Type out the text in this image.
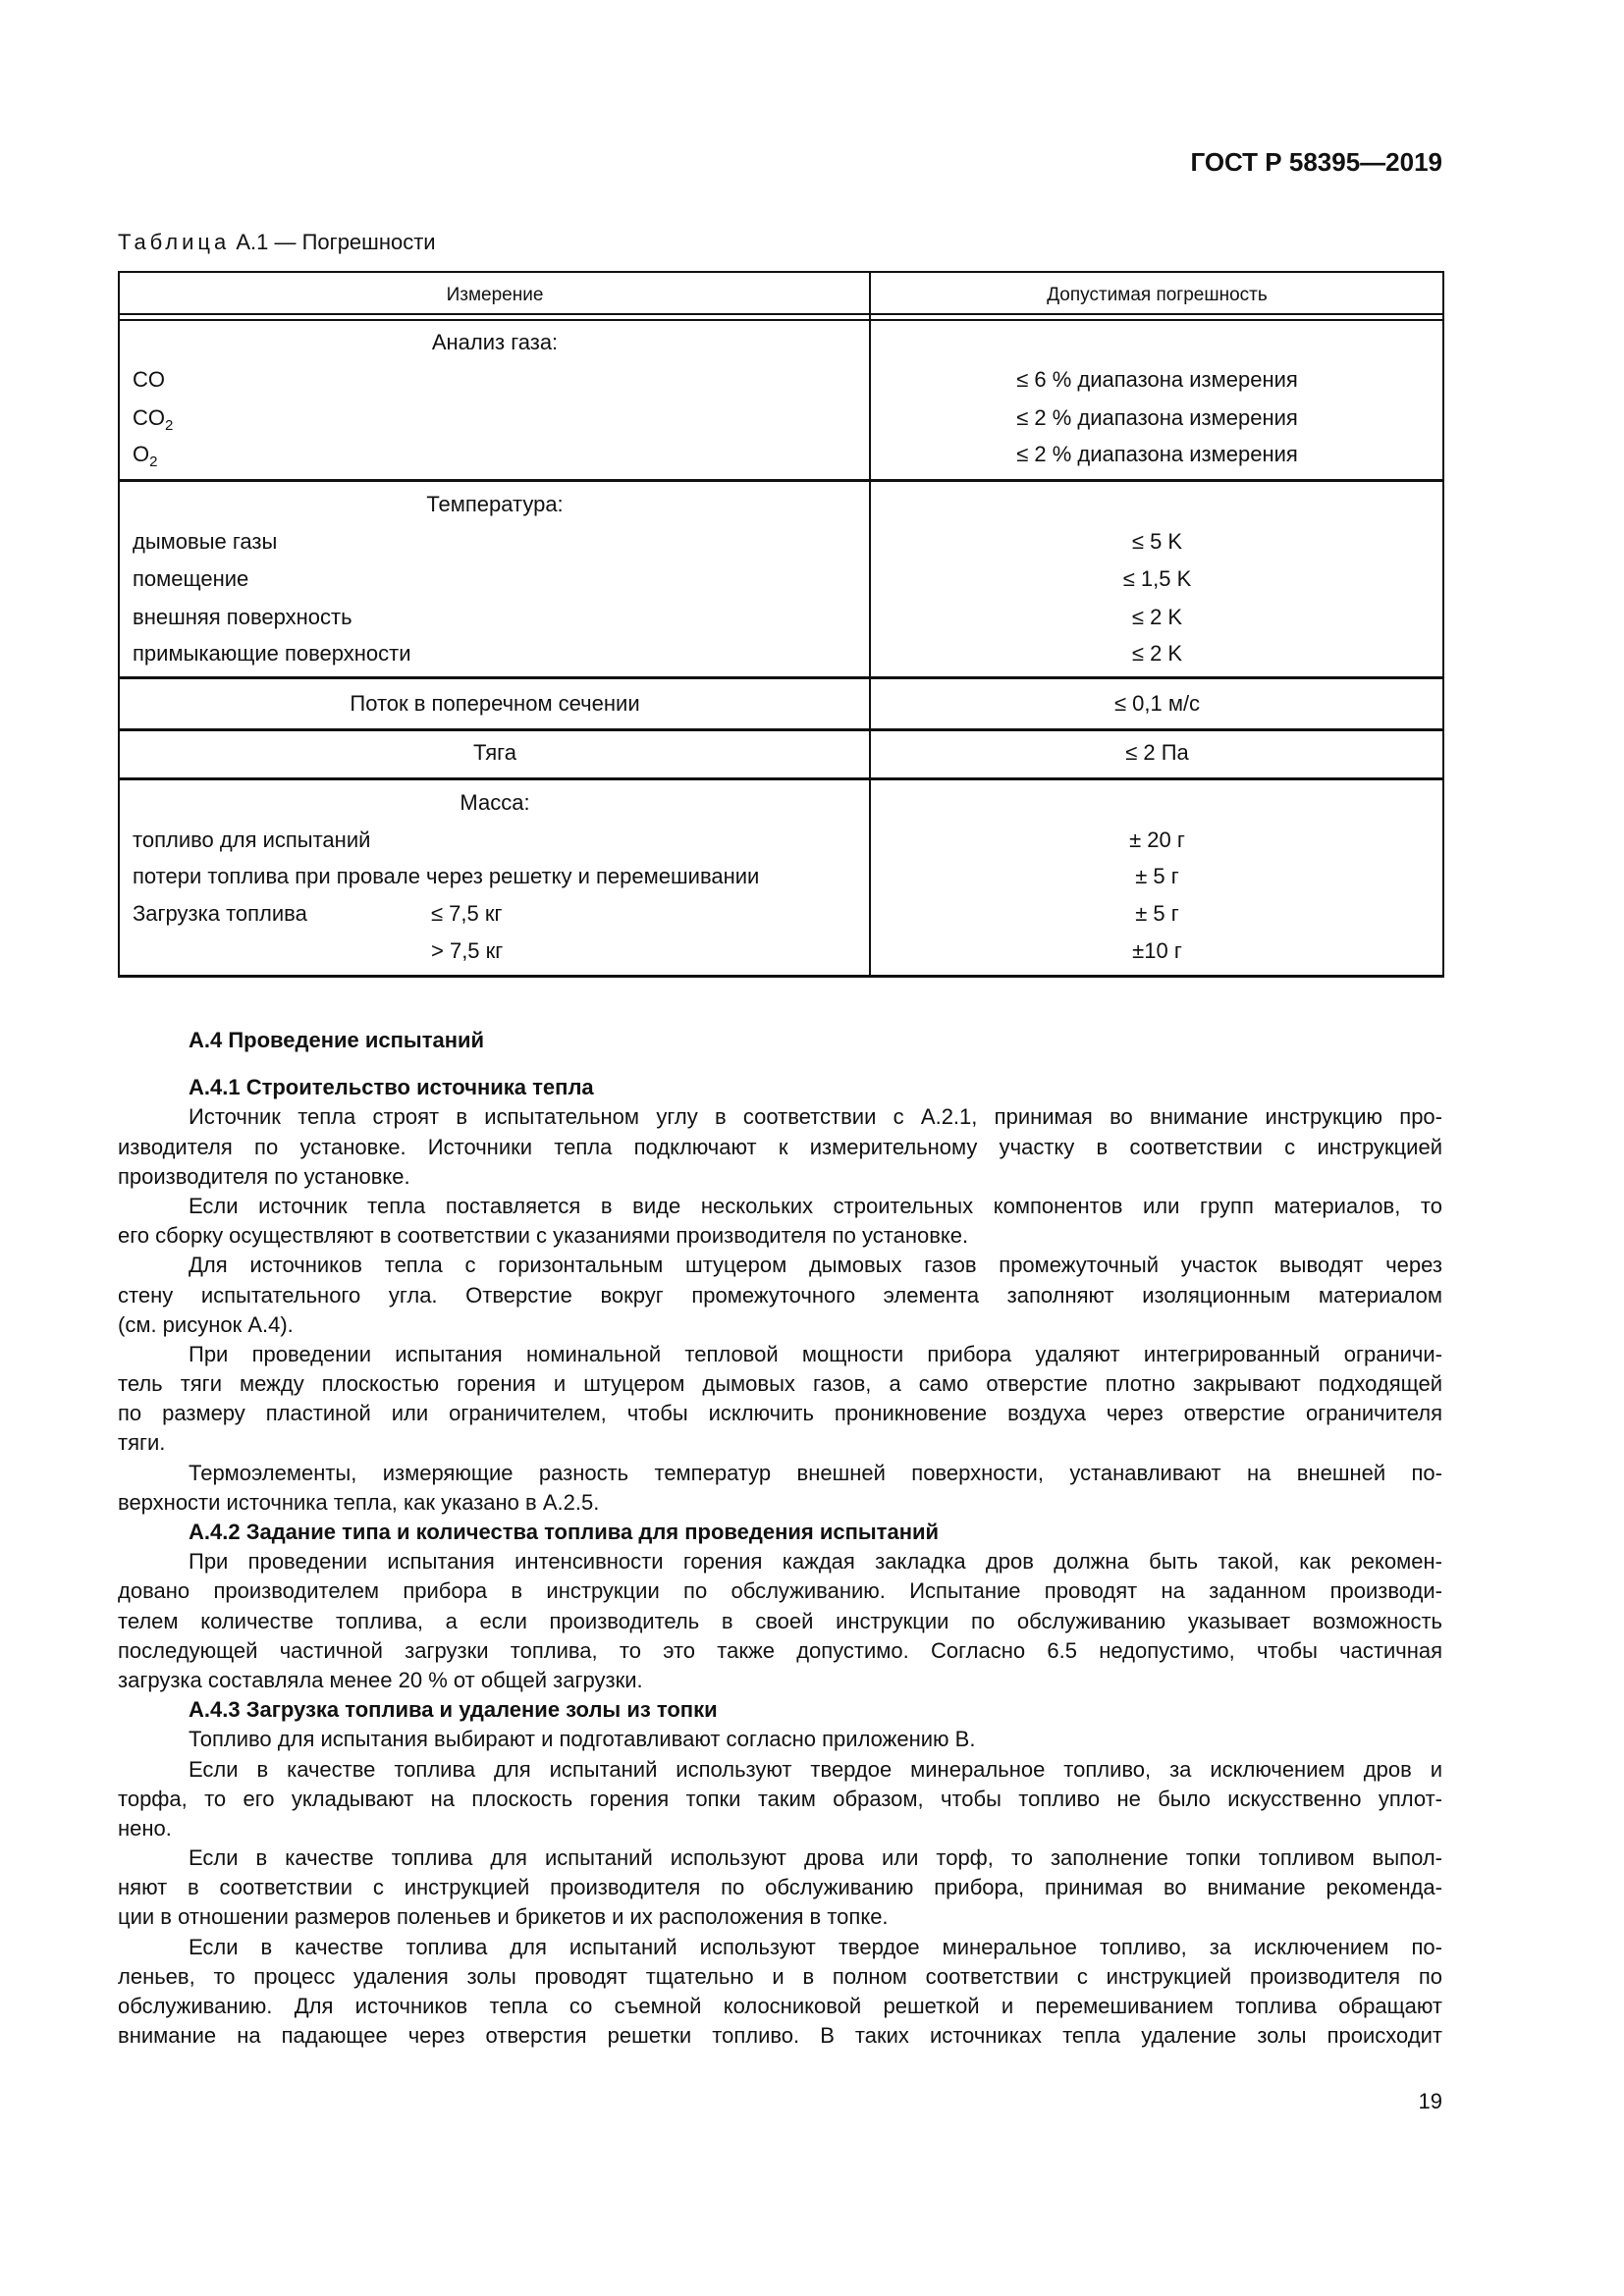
ГОСТ Р 58395—2019
Таблица А.1 — Погрешности
Измерение	Допустимая погрешность
Анализ газа:
CO	≤ 6 % диапазона измерения
$CO_2$	≤ 2 % диапазона измерения
$O_2$	≤ 2 % диапазона измерения
Температура:
дымовые газы	≤ 5 K
помещение	≤ 1,5 K
внешняя поверхность	≤ 2 K
примыкающие поверхности	≤ 2 K
Поток в поперечном сечении	≤ 0,1 м/с
Тяга	≤ 2 Па
Масса:
топливо для испытаний	± 20 г
потери топлива при провале через решетку и перемешивании	± 5 г
Загрузка топлива	≤ 7,5 кг	± 5 г
> 7,5 кг	±10 г
А.4 Проведение испытаний
А.4.1 Строительство источника тепла
Источник тепла строят в испытательном углу в соответствии с А.2.1, принимая во внимание инструкцию про-
изводителя по установке. Источники тепла подключают к измерительному участку в соответствии с инструкцией
производителя по установке.
Если источник тепла поставляется в виде нескольких строительных компонентов или групп материалов, то
его сборку осуществляют в соответствии с указаниями производителя по установке.
Для источников тепла с горизонтальным штуцером дымовых газов промежуточный участок выводят через
стену испытательного угла. Отверстие вокруг промежуточного элемента заполняют изоляционным материалом
(см. рисунок А.4).
При проведении испытания номинальной тепловой мощности прибора удаляют интегрированный ограничи-
тель тяги между плоскостью горения и штуцером дымовых газов, а само отверстие плотно закрывают подходящей
по размеру пластиной или ограничителем, чтобы исключить проникновение воздуха через отверстие ограничителя
тяги.
Термоэлементы, измеряющие разность температур внешней поверхности, устанавливают на внешней по-
верхности источника тепла, как указано в А.2.5.
А.4.2 Задание типа и количества топлива для проведения испытаний
При проведении испытания интенсивности горения каждая закладка дров должна быть такой, как рекомен-
довано производителем прибора в инструкции по обслуживанию. Испытание проводят на заданном производи-
телем количестве топлива, а если производитель в своей инструкции по обслуживанию указывает возможность
последующей частичной загрузки топлива, то это также допустимо. Согласно 6.5 недопустимо, чтобы частичная
загрузка составляла менее 20 % от общей загрузки.
А.4.3 Загрузка топлива и удаление золы из топки
Топливо для испытания выбирают и подготавливают согласно приложению В.
Если в качестве топлива для испытаний используют твердое минеральное топливо, за исключением дров и
торфа, то его укладывают на плоскость горения топки таким образом, чтобы топливо не было искусственно уплот-
нено.
Если в качестве топлива для испытаний используют дрова или торф, то заполнение топки топливом выпол-
няют в соответствии с инструкцией производителя по обслуживанию прибора, принимая во внимание рекоменда-
ции в отношении размеров поленьев и брикетов и их расположения в топке.
Если в качестве топлива для испытаний используют твердое минеральное топливо, за исключением по-
леньев, то процесс удаления золы проводят тщательно и в полном соответствии с инструкцией производителя по
обслуживанию. Для источников тепла со съемной колосниковой решеткой и перемешиванием топлива обращают
внимание на падающее через отверстия решетки топливо. В таких источниках тепла удаление золы происходит
19
